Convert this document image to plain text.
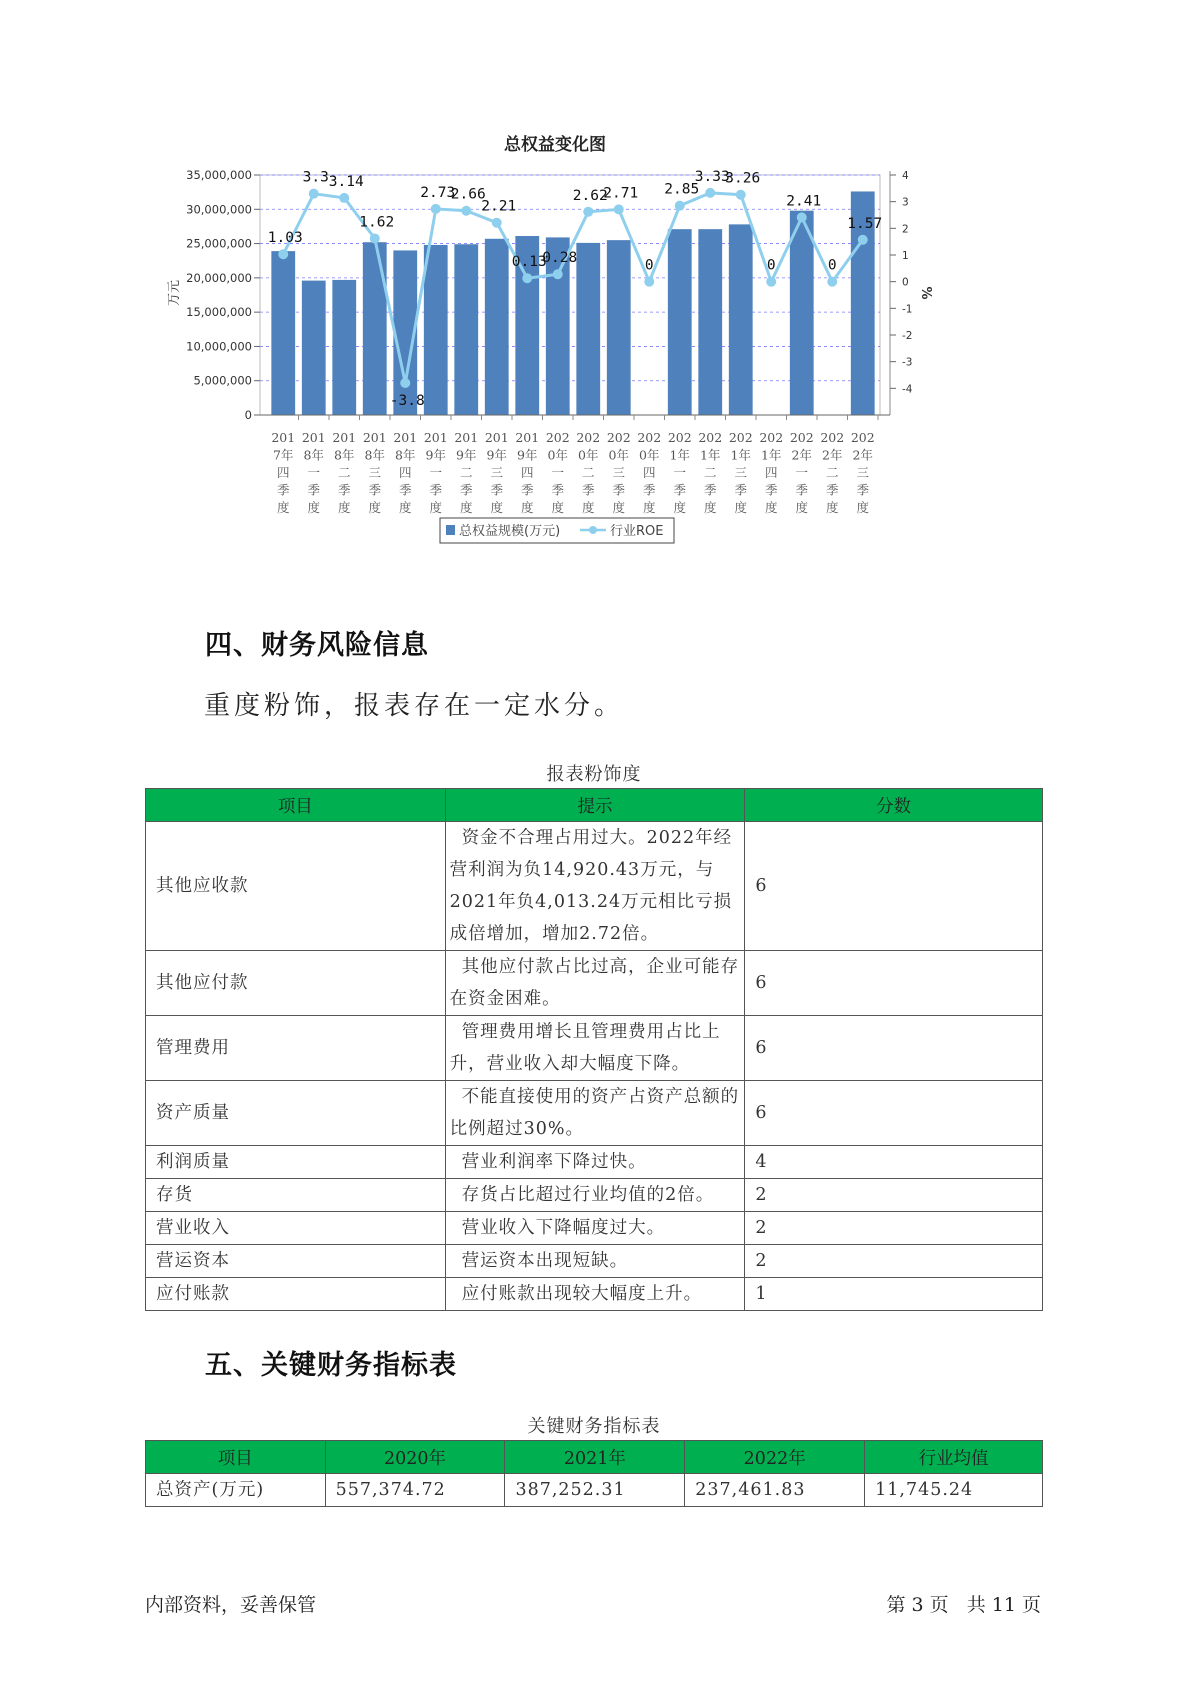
总权益变化图
0
5,000,000
10,000,000
15,000,000
20,000,000
25,000,000
30,000,000
35,000,000	4
3
2
1
0
-1
-2
-3
-4
万元	%
1.03
3.3 3.14
1.62
-3.8
2.73
2.66
2.21
0.13
0.28
2.62
2.71
0
2.85
3.33
3.26
0
2.41
0
1.57
201
7年
四
季
度
201
8年
一
季
度
201
8年
二
季
度
201
8年
三
季
度
201
8年
四
季
度
201
9年
一
季
度
201
9年
二
季
度
201
9年
三
季
度
201
9年
四
季
度
202
0年
一
季
度
202
0年
二
季
度
202
0年
三
季
度
202
0年
四
季
度
202
1年
一
季
度
202
1年
二
季
度
202
1年
三
季
度
202
1年
四
季
度
202
2年
一
季
度
202
2年
二
季
度
202
2年
三
季
度
总权益规模(万元)	行业ROE
四、财务风险信息
重度粉饰，报表存在一定水分。
报表粉饰度
项目	提示	分数
其他应收款	资金不合理占用过大。2022年经营利润为负14,920.43万元，与2021年负4,013.24万元相比亏损成倍增加，增加2.72倍。	6
其他应付款	其他应付款占比过高，企业可能存在资金困难。	6
管理费用	管理费用增长且管理费用占比上升，营业收入却大幅度下降。	6
资产质量	不能直接使用的资产占资产总额的比例超过30%。	6
利润质量	营业利润率下降过快。	4
存货	存货占比超过行业均值的2倍。	2
营业收入	营业收入下降幅度过大。	2
营运资本	营运资本出现短缺。	2
应付账款	应付账款出现较大幅度上升。	1
五、关键财务指标表
关键财务指标表
项目	2020年	2021年	2022年	行业均值
总资产(万元)	557,374.72	387,252.31	237,461.83	11,745.24
内部资料，妥善保管	第 3 页   共 11 页
